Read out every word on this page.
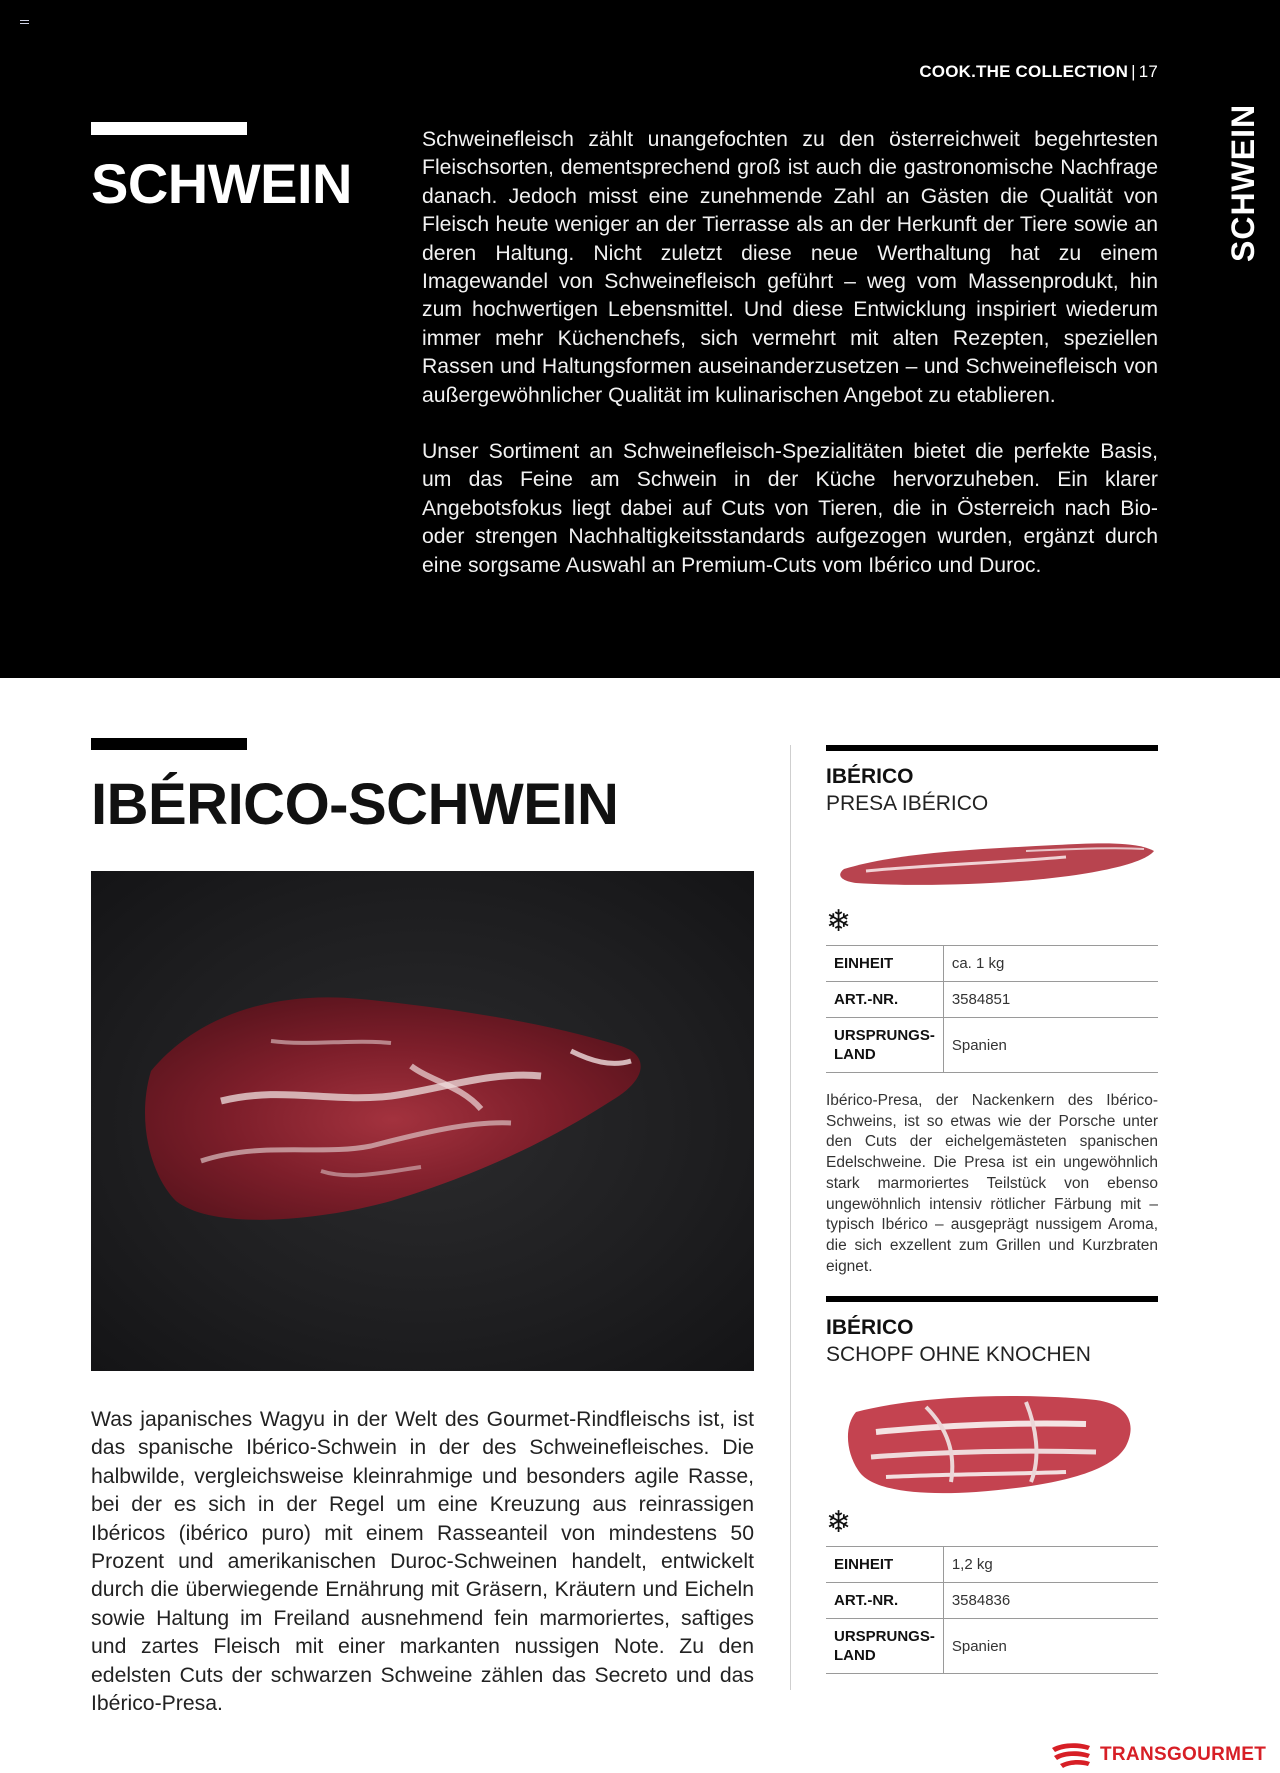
COOK.THE COLLECTION | 17
SCHWEIN

Schweinefleisch zählt unangefochten zu den österreichweit begehrtesten Fleischsorten, dementsprechend groß ist auch die gastronomische Nachfrage danach. Jedoch misst eine zunehmende Zahl an Gästen die Qualität von Fleisch heute weniger an der Tierrasse als an der Herkunft der Tiere sowie an deren Haltung. Nicht zuletzt diese neue Werthaltung hat zu einem Imagewandel von Schweinefleisch geführt – weg vom Massenprodukt, hin zum hochwertigen Lebensmittel. Und diese Entwicklung inspiriert wiederum immer mehr Küchenchefs, sich vermehrt mit alten Rezepten, speziellen Rassen und Haltungsformen auseinanderzusetzen – und Schweinefleisch von außergewöhnlicher Qualität im kulinarischen Angebot zu etablieren.

Unser Sortiment an Schweinefleisch-Spezialitäten bietet die perfekte Basis, um das Feine am Schwein in der Küche hervorzuheben. Ein klarer Angebotsfokus liegt dabei auf Cuts von Tieren, die in Österreich nach Bio- oder strengen Nachhaltigkeitsstandards aufgezogen wurden, ergänzt durch eine sorgsame Auswahl an Premium-Cuts vom Ibérico und Duroc.

SCHWEIN
IBÉRICO-SCHWEIN
Was japanisches Wagyu in der Welt des Gourmet-Rindfleischs ist, ist das spanische Ibérico-Schwein in der des Schweinefleisches. Die halbwilde, vergleichsweise kleinrahmige und besonders agile Rasse, bei der es sich in der Regel um eine Kreuzung aus reinrassigen Ibéricos (ibérico puro) mit einem Rasseanteil von mindestens 50 Prozent und amerikanischen Duroc-Schweinen handelt, entwickelt durch die überwiegende Ernährung mit Gräsern, Kräutern und Eicheln sowie Haltung im Freiland ausnehmend fein marmoriertes, saftiges und zartes Fleisch mit einer markanten nussigen Note. Zu den edelsten Cuts der schwarzen Schweine zählen das Secreto und das Ibérico-Presa.
IBÉRICO
PRESA IBÉRICO
❄
EINHEIT	ca. 1 kg
ART.-NR.	3584851
URSPRUNGS-LAND	Spanien
Ibérico-Presa, der Nackenkern des Ibérico-Schweins, ist so etwas wie der Porsche unter den Cuts der eichelgemästeten spanischen Edelschweine. Die Presa ist ein ungewöhnlich stark marmoriertes Teilstück von ebenso ungewöhnlich intensiv rötlicher Färbung mit – typisch Ibérico – ausgeprägt nussigem Aroma, die sich exzellent zum Grillen und Kurzbraten eignet.
IBÉRICO
SCHOPF OHNE KNOCHEN
❄
EINHEIT	1,2 kg
ART.-NR.	3584836
URSPRUNGS-LAND	Spanien
TRANSGOURMET
